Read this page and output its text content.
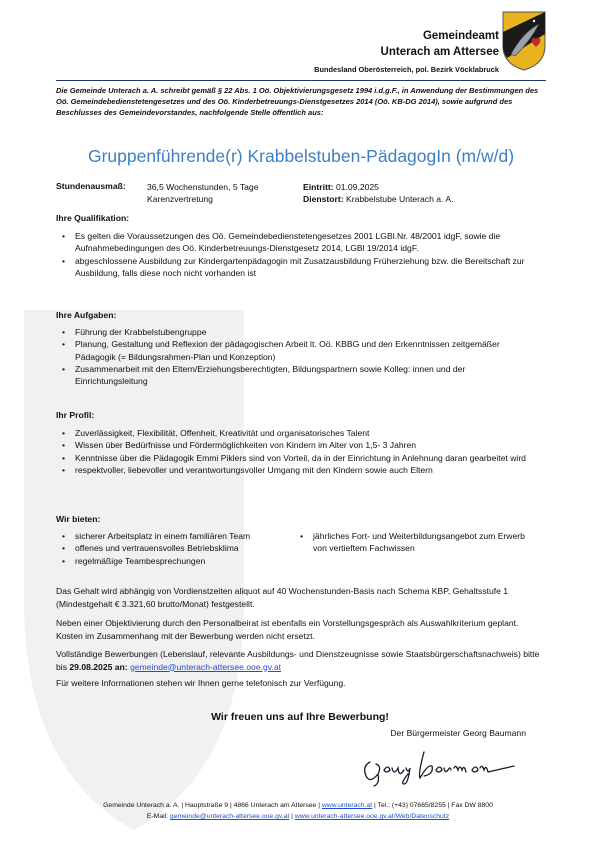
Gemeindeamt
Unterach am Attersee
Bundesland Oberösterreich, pol. Bezirk Vöcklabruck
Die Gemeinde Unterach a. A. schreibt gemäß § 22 Abs. 1 Oö. Objektivierungsgesetz 1994 i.d.g.F., in Anwendung der Bestimmungen des Oö. Gemeindebedienstetengesetzes und des Oö. Kinderbetreuungs-Dienstgesetzes 2014 (Oö. KB-DG 2014), sowie aufgrund des Beschlusses des Gemeindevorstandes, nachfolgende Stelle öffentlich aus:
Gruppenführende(r) Krabbelstuben-PädagogIn (m/w/d)
Stundenausmaß: 36,5 Wochenstunden, 5 Tage
Karenzvertretung
Eintritt: 01.09.2025
Dienstort: Krabbelstube Unterach a. A.
Ihre Qualifikation:
• Es gelten die Voraussetzungen des Oö. Gemeindebedienstetengesetzes 2001 LGBl.Nr. 48/2001 idgF, sowie die Aufnahmebedingungen des Oö. Kinderbetreuungs-Dienstgesetz 2014, LGBl 19/2014 idgF.
• abgeschlossene Ausbildung zur Kindergartenpädagogin mit Zusatzausbildung Früherziehung bzw. die Bereitschaft zur Ausbildung, falls diese noch nicht vorhanden ist
Ihre Aufgaben:
• Führung der Krabbelstubengruppe
• Planung, Gestaltung und Reflexion der pädagogischen Arbeit lt. Oö. KBBG und den Erkenntnissen zeitgemäßer Pädagogik (= Bildungsrahmen-Plan und Konzeption)
• Zusammenarbeit mit den Eltern/Erziehungsberechtigten, Bildungspartnern sowie Kolleg: innen und der Einrichtungsleitung
Ihr Profil:
• Zuverlässigkeit, Flexibilität, Offenheit, Kreativität und organisatorisches Talent
• Wissen über Bedürfnisse und Fördermöglichkeiten von Kindern im Alter von 1,5- 3 Jahren
• Kenntnisse über die Pädagogik Emmi Piklers sind von Vorteil, da in der Einrichtung in Anlehnung daran gearbeitet wird
• respektvoller, liebevoller und verantwortungsvoller Umgang mit den Kindern sowie auch Eltern
Wir bieten:
• sicherer Arbeitsplatz in einem familiären Team
• offenes und vertrauensvolles Betriebsklima
• regelmäßige Teambesprechungen
• jährliches Fort- und Weiterbildungsangebot zum Erwerb von vertieftem Fachwissen
Das Gehalt wird abhängig von Vordienstzeiten aliquot auf 40 Wochenstunden-Basis nach Schema KBP, Gehaltsstufe 1 (Mindestgehalt € 3.321,60 brutto/Monat) festgestellt.
Neben einer Objektivierung durch den Personalbeirat ist ebenfalls ein Vorstellungsgespräch als Auswahlkriterium geplant. Kosten im Zusammenhang mit der Bewerbung werden nicht ersetzt.
Vollständige Bewerbungen (Lebenslauf, relevante Ausbildungs- und Dienstzeugnisse sowie Staatsbürgerschaftsnachweis) bitte bis 29.08.2025 an: gemeinde@unterach-attersee.ooe.gv.at
Für weitere Informationen stehen wir Ihnen gerne telefonisch zur Verfügung.
Wir freuen uns auf Ihre Bewerbung!
Der Bürgermeister Georg Baumann
Gemeinde Unterach a. A. | Hauptstraße 9 | 4866 Unterach am Attersee | www.unterach.at | Tel.: (+43) 07665/8255 | Fax DW 8800
E-Mail: gemeinde@unterach-attersee.ooe.gv.at | www.unterach-attersee.ooe.gv.at/Web/Datenschutz
